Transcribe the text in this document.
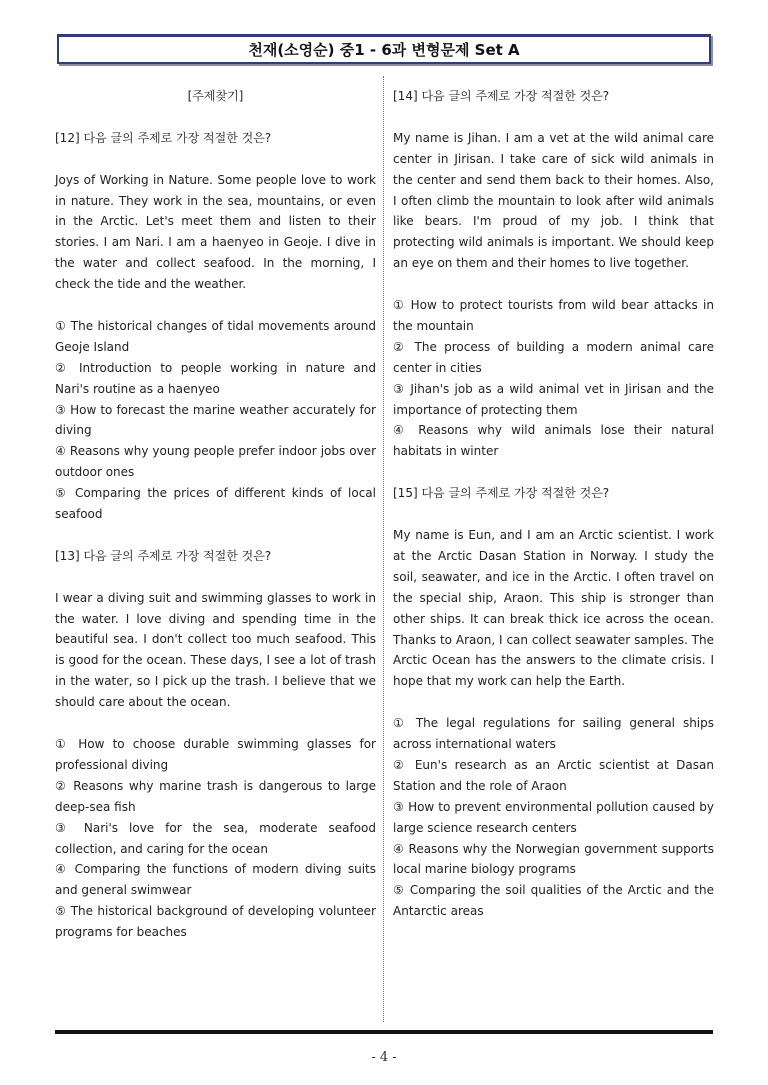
천재(소영순) 중1 - 6과 변형문제 Set A

[주제찾기]

[12] 다음 글의 주제로 가장 적절한 것은?

Joys of Working in Nature. Some people love to work in nature. They work in the sea, mountains, or even in the Arctic. Let's meet them and listen to their stories. I am Nari. I am a haenyeo in Geoje. I dive in the water and collect seafood. In the morning, I check the tide and the weather.

① The historical changes of tidal movements around Geoje Island

② Introduction to people working in nature and Nari's routine as a haenyeo

③ How to forecast the marine weather accurately for diving

④ Reasons why young people prefer indoor jobs over outdoor ones

⑤ Comparing the prices of different kinds of local seafood

[13] 다음 글의 주제로 가장 적절한 것은?

I wear a diving suit and swimming glasses to work in the water. I love diving and spending time in the beautiful sea. I don't collect too much seafood. This is good for the ocean. These days, I see a lot of trash in the water, so I pick up the trash. I believe that we should care about the ocean.

① How to choose durable swimming glasses for professional diving

② Reasons why marine trash is dangerous to large deep-sea fish

③ Nari's love for the sea, moderate seafood collection, and caring for the ocean

④ Comparing the functions of modern diving suits and general swimwear

⑤ The historical background of developing volunteer programs for beaches

[14] 다음 글의 주제로 가장 적절한 것은?

My name is Jihan. I am a vet at the wild animal care center in Jirisan. I take care of sick wild animals in the center and send them back to their homes. Also, I often climb the mountain to look after wild animals like bears. I'm proud of my job. I think that protecting wild animals is important. We should keep an eye on them and their homes to live together.

① How to protect tourists from wild bear attacks in the mountain

② The process of building a modern animal care center in cities

③ Jihan's job as a wild animal vet in Jirisan and the importance of protecting them

④ Reasons why wild animals lose their natural habitats in winter

[15] 다음 글의 주제로 가장 적절한 것은?

My name is Eun, and I am an Arctic scientist. I work at the Arctic Dasan Station in Norway. I study the soil, seawater, and ice in the Arctic. I often travel on the special ship, Araon. This ship is stronger than other ships. It can break thick ice across the ocean. Thanks to Araon, I can collect seawater samples. The Arctic Ocean has the answers to the climate crisis. I hope that my work can help the Earth.

① The legal regulations for sailing general ships across international waters

② Eun's research as an Arctic scientist at Dasan Station and the role of Araon

③ How to prevent environmental pollution caused by large science research centers

④ Reasons why the Norwegian government supports local marine biology programs

⑤ Comparing the soil qualities of the Arctic and the Antarctic areas

- 4 -
